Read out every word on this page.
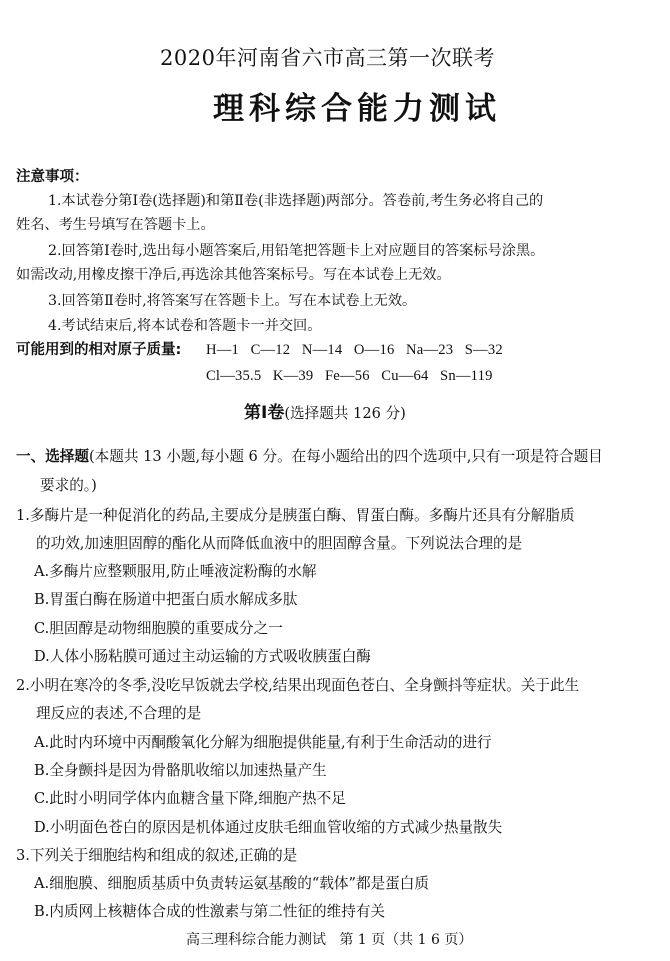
2020年河南省六市高三第一次联考
理科综合能力测试
注意事项：
1.本试卷分第Ⅰ卷(选择题)和第Ⅱ卷(非选择题)两部分。答卷前,考生务必将自己的
姓名、考生号填写在答题卡上。
2.回答第Ⅰ卷时,选出每小题答案后,用铅笔把答题卡上对应题目的答案标号涂黑。
如需改动,用橡皮擦干净后,再选涂其他答案标号。写在本试卷上无效。
3.回答第Ⅱ卷时,将答案写在答题卡上。写在本试卷上无效。
4.考试结束后,将本试卷和答题卡一并交回。
可能用到的相对原子质量: H—1   C—12   N—14   O—16   Na—23   S—32
Cl—35.5   K—39   Fe—56   Cu—64   Sn—119
第Ⅰ卷(选择题共 126 分)
一、选择题(本题共 13 小题,每小题 6 分。在每小题给出的四个选项中,只有一项是符合题目
要求的。)
1.多酶片是一种促消化的药品,主要成分是胰蛋白酶、胃蛋白酶。多酶片还具有分解脂质
的功效,加速胆固醇的酯化从而降低血液中的胆固醇含量。下列说法合理的是
A.多酶片应整颗服用,防止唾液淀粉酶的水解
B.胃蛋白酶在肠道中把蛋白质水解成多肽
C.胆固醇是动物细胞膜的重要成分之一
D.人体小肠粘膜可通过主动运输的方式吸收胰蛋白酶
2.小明在寒冷的冬季,没吃早饭就去学校,结果出现面色苍白、全身颤抖等症状。关于此生
理反应的表述,不合理的是
A.此时内环境中丙酮酸氧化分解为细胞提供能量,有利于生命活动的进行
B.全身颤抖是因为骨骼肌收缩以加速热量产生
C.此时小明同学体内血糖含量下降,细胞产热不足
D.小明面色苍白的原因是机体通过皮肤毛细血管收缩的方式减少热量散失
3.下列关于细胞结构和组成的叙述,正确的是
A.细胞膜、细胞质基质中负责转运氨基酸的“载体”都是蛋白质
B.内质网上核糖体合成的性激素与第二性征的维持有关
高三理科综合能力测试   第 1 页（共 1 6 页）
